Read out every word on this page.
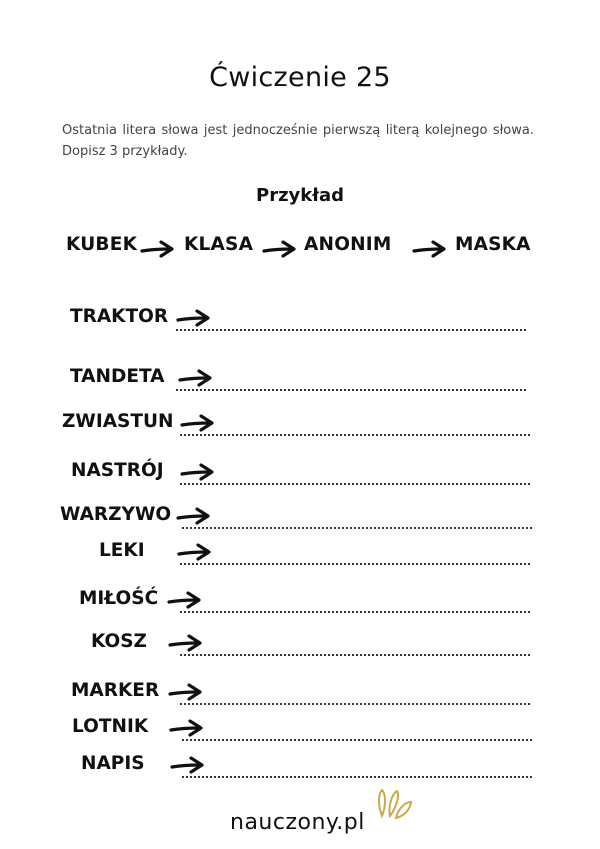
Ćwiczenie 25
Ostatnia litera słowa jest jednocześnie pierwszą literą kolejnego słowa. Dopisz 3 przykłady.
Przykład
KUBEK	KLASA	ANONIM	MASKA
TRAKTOR
TANDETA
ZWIASTUN
NASTRÓJ
WARZYWO
LEKI
MIŁOŚĆ
KOSZ
MARKER
LOTNIK
NAPIS
nauczony.pl
